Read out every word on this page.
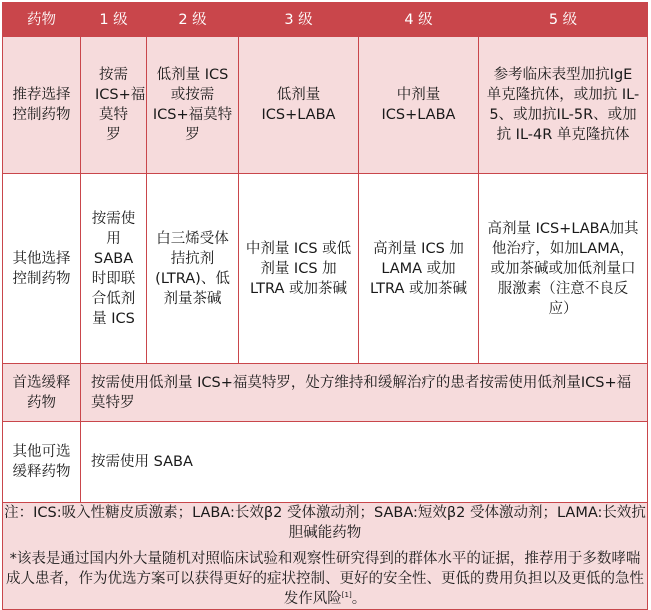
药物	1 级	2 级	3 级	4 级	5 级
推荐选择控制药物	按需ICS+福莫特罗	低剂量 ICS或按需ICS+福莫特罗	低剂量ICS+LABA	中剂量ICS+LABA	参考临床表型加抗IgE 单克隆抗体，或加抗 IL-5、或加抗IL-5R、或加抗 IL-4R 单克隆抗体
其他选择控制药物	按需使用SABA时即联合低剂量 ICS	白三烯受体拮抗剂(LTRA)、低剂量茶碱	中剂量 ICS 或低剂量 ICS 加LTRA 或加茶碱	高剂量 ICS 加LAMA 或加LTRA 或加茶碱	高剂量 ICS+LABA加其他治疗，如加LAMA，或加茶碱或加低剂量口服激素（注意不良反应）
首选缓释药物	按需使用低剂量 ICS+福莫特罗，处方维持和缓解治疗的患者按需使用低剂量ICS+福莫特罗				
其他可选缓释药物	按需使用 SABA				

注：ICS:吸入性糖皮质激素；LABA:长效β2 受体激动剂；SABA:短效β2 受体激动剂；LAMA:长效抗胆碱能药物

*该表是通过国内外大量随机对照临床试验和观察性研究得到的群体水平的证据，推荐用于多数哮喘成人患者，作为优选方案可以获得更好的症状控制、更好的安全性、更低的费用负担以及更低的急性发作风险[1]。					
